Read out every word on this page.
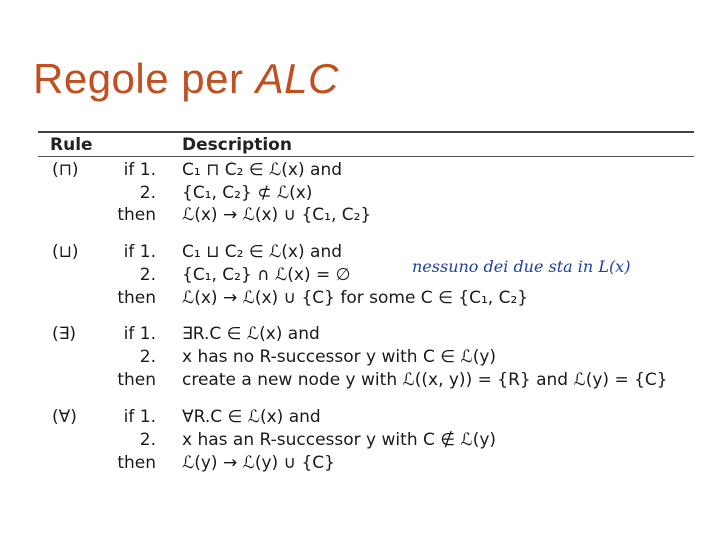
Regole per ALC
Rule	Description
(⊓)	if 1. C₁ ⊓ C₂ ∈ ℒ(x) and
2. {C₁, C₂} ⊄ ℒ(x)
then ℒ(x) → ℒ(x) ∪ {C₁, C₂}
(⊔)	if 1. C₁ ⊔ C₂ ∈ ℒ(x) and
2. {C₁, C₂} ∩ ℒ(x) = ∅
then ℒ(x) → ℒ(x) ∪ {C} for some C ∈ {C₁, C₂}
(∃)	if 1. ∃R.C ∈ ℒ(x) and
2. x has no R-successor y with C ∈ ℒ(y)
then create a new node y with ℒ((x, y)) = {R} and ℒ(y) = {C}
(∀)	if 1. ∀R.C ∈ ℒ(x) and
2. x has an R-successor y with C ∉ ℒ(y)
then ℒ(y) → ℒ(y) ∪ {C}
nessuno dei due sta in L(x)
